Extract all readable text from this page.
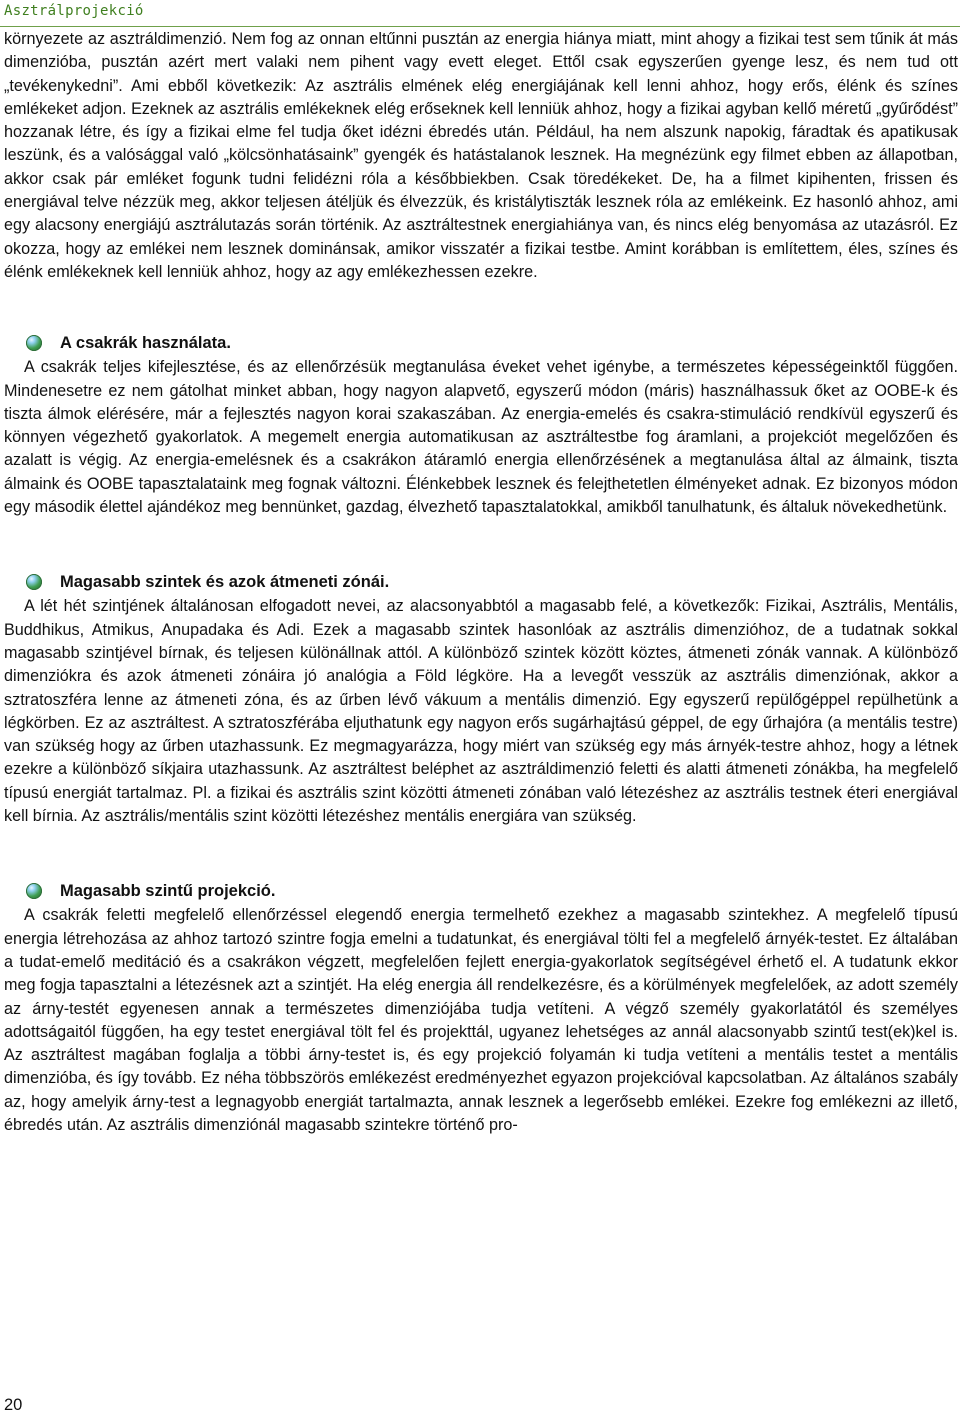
Asztrálprojekció

környezete az asztráldimenzió. Nem fog az onnan eltűnni pusztán az energia hiánya miatt, mint ahogy a fizikai test sem tűnik át más dimenzióba, pusztán azért mert valaki nem pihent vagy evett eleget. Ettől csak egyszerűen gyenge lesz, és nem tud ott „tevékenykedni”. Ami ebből következik: Az asztrális elmének elég energiájának kell lenni ahhoz, hogy erős, élénk és színes emlékeket adjon. Ezeknek az asztrális emlékeknek elég erőseknek kell lenniük ahhoz, hogy a fizikai agyban kellő méretű „gyűrődést” hozzanak létre, és így a fizikai elme fel tudja őket idézni ébredés után. Például, ha nem alszunk napokig, fáradtak és apatikusak leszünk, és a valósággal való „kölcsönhatásaink” gyengék és hatástalanok lesznek. Ha megnézünk egy filmet ebben az állapotban, akkor csak pár emléket fogunk tudni felidézni róla a későbbiekben. Csak töredékeket. De, ha a filmet kipihenten, frissen és energiával telve nézzük meg, akkor teljesen átéljük és élvezzük, és kristálytiszták lesznek róla az emlékeink. Ez hasonló ahhoz, ami egy alacsony energiájú asztrálutazás során történik. Az asztráltestnek energiahiánya van, és nincs elég benyomása az utazásról. Ez okozza, hogy az emlékei nem lesznek dominánsak, amikor visszatér a fizikai testbe. Amint korábban is említettem, éles, színes és élénk emlékeknek kell lenniük ahhoz, hogy az agy emlékezhessen ezekre.

A csakrák használata.

A csakrák teljes kifejlesztése, és az ellenőrzésük megtanulása éveket vehet igénybe, a természetes képességeinktől függően. Mindenesetre ez nem gátolhat minket abban, hogy nagyon alapvető, egyszerű módon (máris) használhassuk őket az OOBE-k és tiszta álmok elérésére, már a fejlesztés nagyon korai szakaszában. Az energia-emelés és csakra-stimuláció rendkívül egyszerű és könnyen végezhető gyakorlatok. A megemelt energia automatikusan az asztráltestbe fog áramlani, a projekciót megelőzően és azalatt is végig. Az energia-emelésnek és a csakrákon átáramló energia ellenőrzésének a megtanulása által az álmaink, tiszta álmaink és OOBE tapasztalataink meg fognak változni. Élénkebbek lesznek és felejthetetlen élményeket adnak. Ez bizonyos módon egy második élettel ajándékoz meg bennünket, gazdag, élvezhető tapasztalatokkal, amikből tanulhatunk, és általuk növekedhetünk.

Magasabb szintek és azok átmeneti zónái.

A lét hét szintjének általánosan elfogadott nevei, az alacsonyabbtól a magasabb felé, a következők: Fizikai, Asztrális, Mentális, Buddhikus, Atmikus, Anupadaka és Adi. Ezek a magasabb szintek hasonlóak az asztrális dimenzióhoz, de a tudatnak sokkal magasabb szintjével bírnak, és teljesen különállnak attól. A különböző szintek között köztes, átmeneti zónák vannak. A különböző dimenziókra és azok átmeneti zónáira jó analógia a Föld légköre. Ha a levegőt vesszük az asztrális dimenziónak, akkor a sztratoszféra lenne az átmeneti zóna, és az űrben lévő vákuum a mentális dimenzió. Egy egyszerű repülőgéppel repülhetünk a légkörben. Ez az asztráltest. A sztratoszférába eljuthatunk egy nagyon erős sugárhajtású géppel, de egy űrhajóra (a mentális testre) van szükség hogy az űrben utazhassunk. Ez megmagyarázza, hogy miért van szükség egy más árnyék-testre ahhoz, hogy a létnek ezekre a különböző síkjaira utazhassunk. Az asztráltest beléphet az asztráldimenzió feletti és alatti átmeneti zónákba, ha megfelelő típusú energiát tartalmaz. Pl. a fizikai és asztrális szint közötti átmeneti zónában való létezéshez az asztrális testnek éteri energiával kell bírnia. Az asztrális/mentális szint közötti létezéshez mentális energiára van szükség.

Magasabb szintű projekció.

A csakrák feletti megfelelő ellenőrzéssel elegendő energia termelhető ezekhez a magasabb szintekhez. A megfelelő típusú energia létrehozása az ahhoz tartozó szintre fogja emelni a tudatunkat, és energiával tölti fel a megfelelő árnyék-testet. Ez általában a tudat-emelő meditáció és a csakrákon végzett, megfelelően fejlett energia-gyakorlatok segítségével érhető el. A tudatunk ekkor meg fogja tapasztalni a létezésnek azt a szintjét. Ha elég energia áll rendelkezésre, és a körülmények megfelelőek, az adott személy az árny-testét egyenesen annak a természetes dimenziójába tudja vetíteni. A végző személy gyakorlatától és személyes adottságaitól függően, ha egy testet energiával tölt fel és projekttál, ugyanez lehetséges az annál alacsonyabb szintű test(ek)kel is. Az asztráltest magában foglalja a többi árny-testet is, és egy projekció folyamán ki tudja vetíteni a mentális testet a mentális dimenzióba, és így tovább. Ez néha többszörös emlékezést eredményezhet egyazon projekcióval kapcsolatban. Az általános szabály az, hogy amelyik árny-test a legnagyobb energiát tartalmazta, annak lesznek a legerősebb emlékei. Ezekre fog emlékezni az illető, ébredés után. Az asztrális dimenziónál magasabb szintekre történő pro-

20
